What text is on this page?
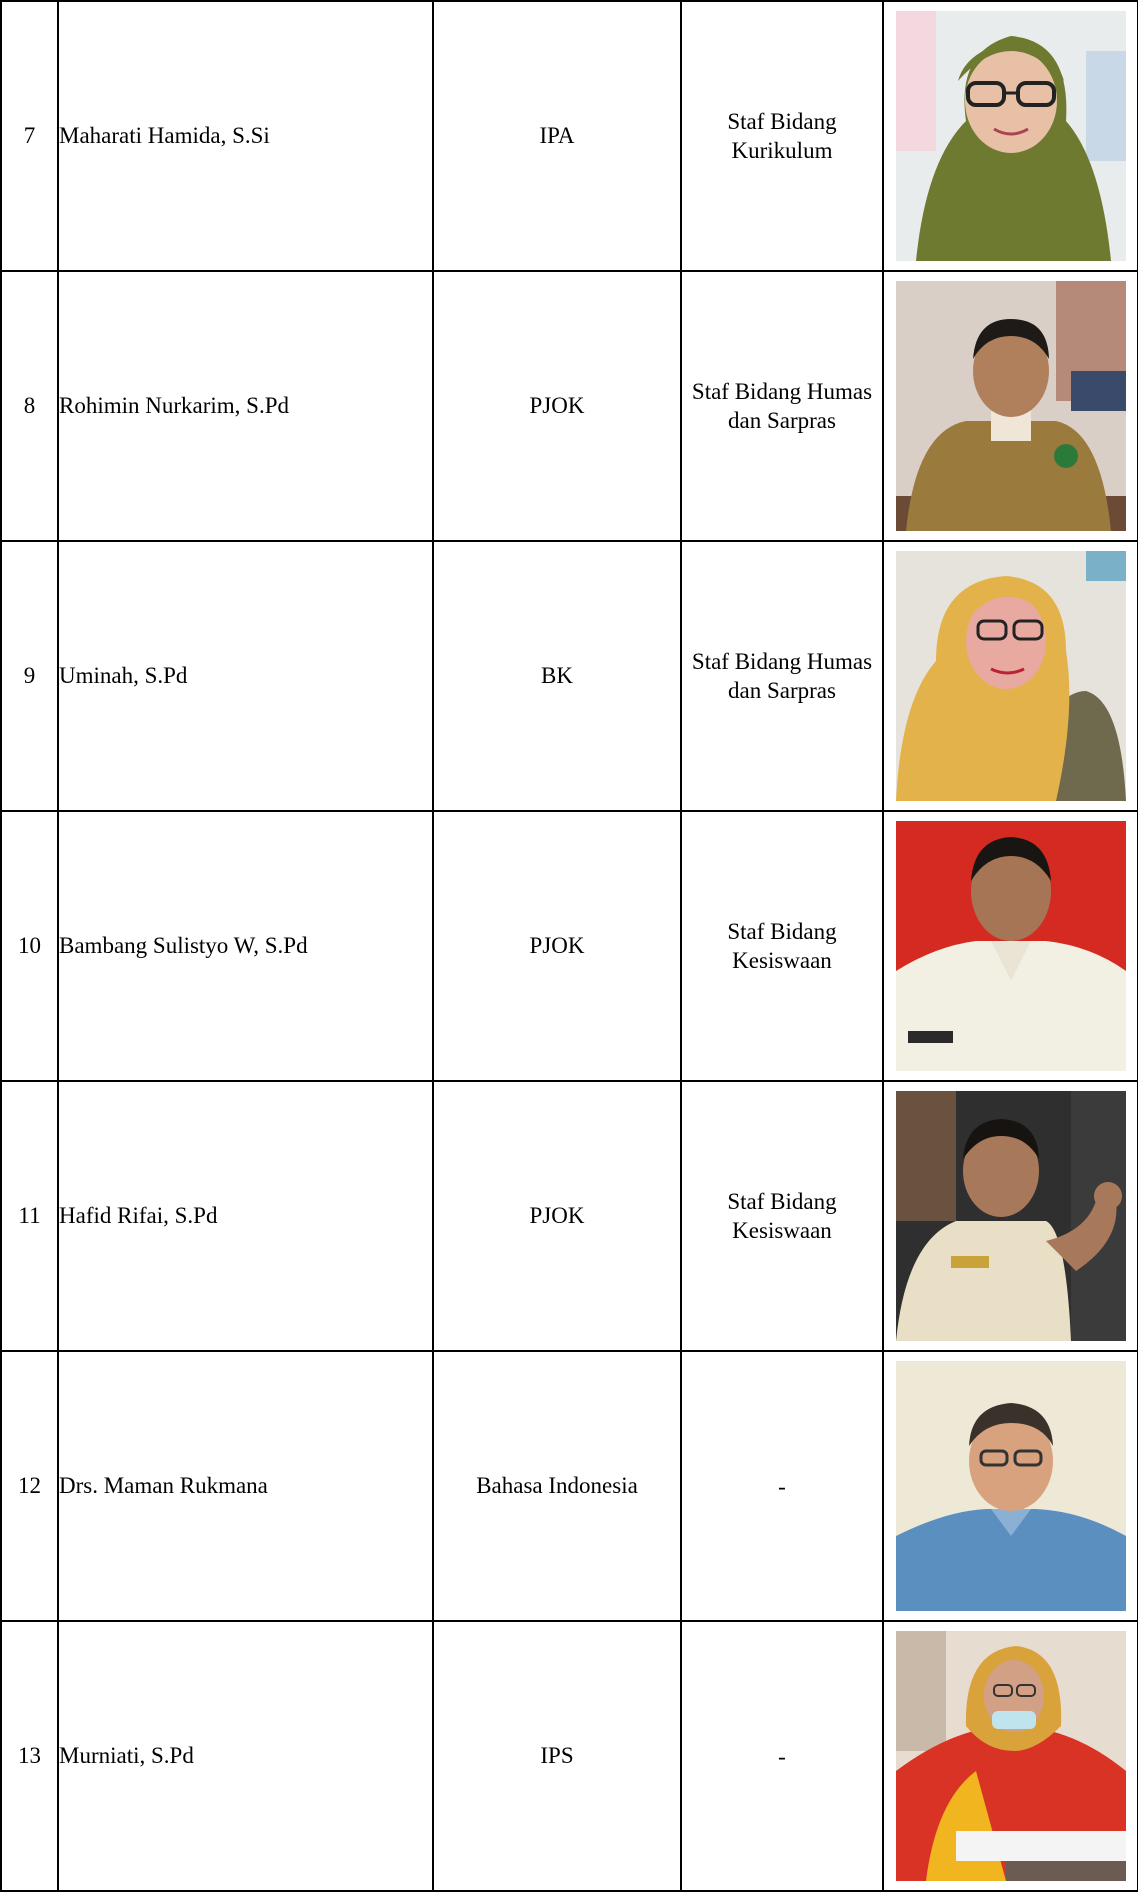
7	Maharati Hamida, S.Si	IPA	Staf Bidang
Kurikulum	

8	Rohimin Nurkarim, S.Pd	PJOK	Staf Bidang Humas
dan Sarpras	

9	Uminah, S.Pd	BK	Staf Bidang Humas
dan Sarpras	

10	Bambang Sulistyo W, S.Pd	PJOK	Staf Bidang
Kesiswaan	

11	Hafid Rifai, S.Pd	PJOK	Staf Bidang
Kesiswaan	

12	Drs. Maman Rukmana	Bahasa Indonesia	-

13	Murniati, S.Pd	IPS	-
